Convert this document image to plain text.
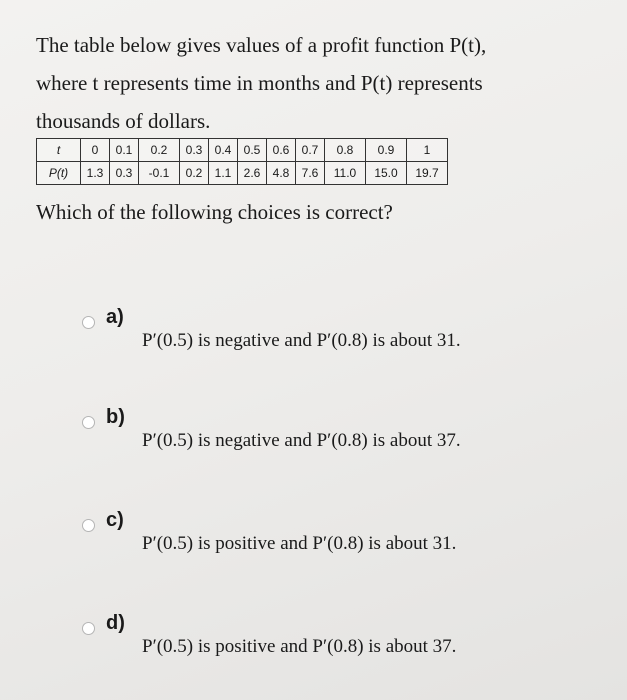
The table below gives values of a profit function P(t),
where t represents time in months and P(t) represents
thousands of dollars.
t	0	0.1	0.2	0.3	0.4	0.5	0.6	0.7	0.8	0.9	1
P(t)	1.3	0.3	-0.1	0.2	1.1	2.6	4.8	7.6	11.0	15.0	19.7
Which of the following choices is correct?
a)
P′(0.5) is negative and P′(0.8) is about 31.
b)
P′(0.5) is negative and P′(0.8) is about 37.
c)
P′(0.5) is positive and P′(0.8) is about 31.
d)
P′(0.5) is positive and P′(0.8) is about 37.
